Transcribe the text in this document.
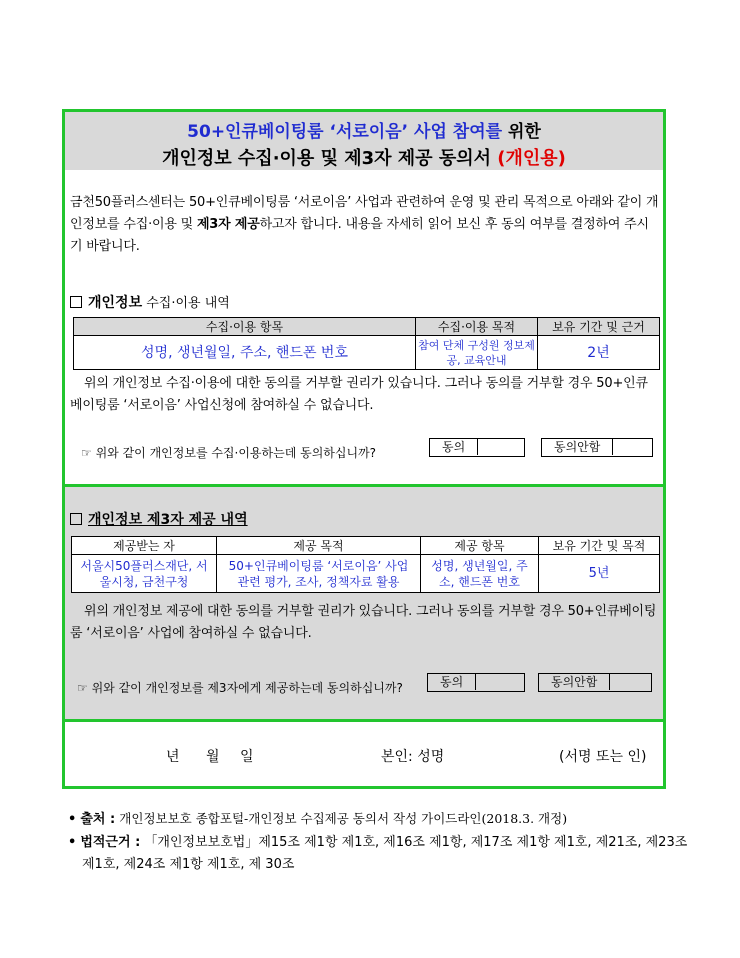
50+인큐베이팅룸 ‘서로이음’ 사업 참여를 위한
개인정보 수집·이용 및 제3자 제공 동의서 (개인용)
금천50플러스센터는 50+인큐베이팅룸 ‘서로이음’ 사업과 관련하여 운영 및 관리 목적으로 아래와 같이 개인정보를 수집·이용 및 제3자 제공하고자 합니다. 내용을 자세히 읽어 보신 후 동의 여부를 결정하여 주시기 바랍니다.
개인정보 수집·이용 내역
수집·이용 항목	수집·이용 목적	보유 기간 및 근거
성명, 생년월일, 주소, 핸드폰 번호	참여 단체 구성원 정보제공, 교육안내	2년
위의 개인정보 수집·이용에 대한 동의를 거부할 권리가 있습니다. 그러나 동의를 거부할 경우 50+인큐베이팅룸 ‘서로이음’ 사업신청에 참여하실 수 없습니다.
☞ 위와 같이 개인정보를 수집·이용하는데 동의하십니까?	동의	동의안함
개인정보 제3자 제공 내역
제공받는 자	제공 목적	제공 항목	보유 기간 및 목적
서울시50플러스재단, 서울시청, 금천구청	50+인큐베이팅룸 ‘서로이음’ 사업 관련 평가, 조사, 정책자료 활용	성명, 생년월일, 주소, 핸드폰 번호	5년
위의 개인정보 제공에 대한 동의를 거부할 권리가 있습니다. 그러나 동의를 거부할 경우 50+인큐베이팅룸 ‘서로이음’ 사업에 참여하실 수 없습니다.
☞ 위와 같이 개인정보를 제3자에게 제공하는데 동의하십니까?	동의	동의안함
년 월 일	본인: 성명	(서명 또는 인)
• 출처 : 개인정보보호 종합포털-개인정보 수집제공 동의서 작성 가이드라인(2018.3. 개정)
• 법적근거 : 「개인정보보호법」제15조 제1항 제1호, 제16조 제1항, 제17조 제1항 제1호, 제21조, 제23조 제1호, 제24조 제1항 제1호, 제 30조
